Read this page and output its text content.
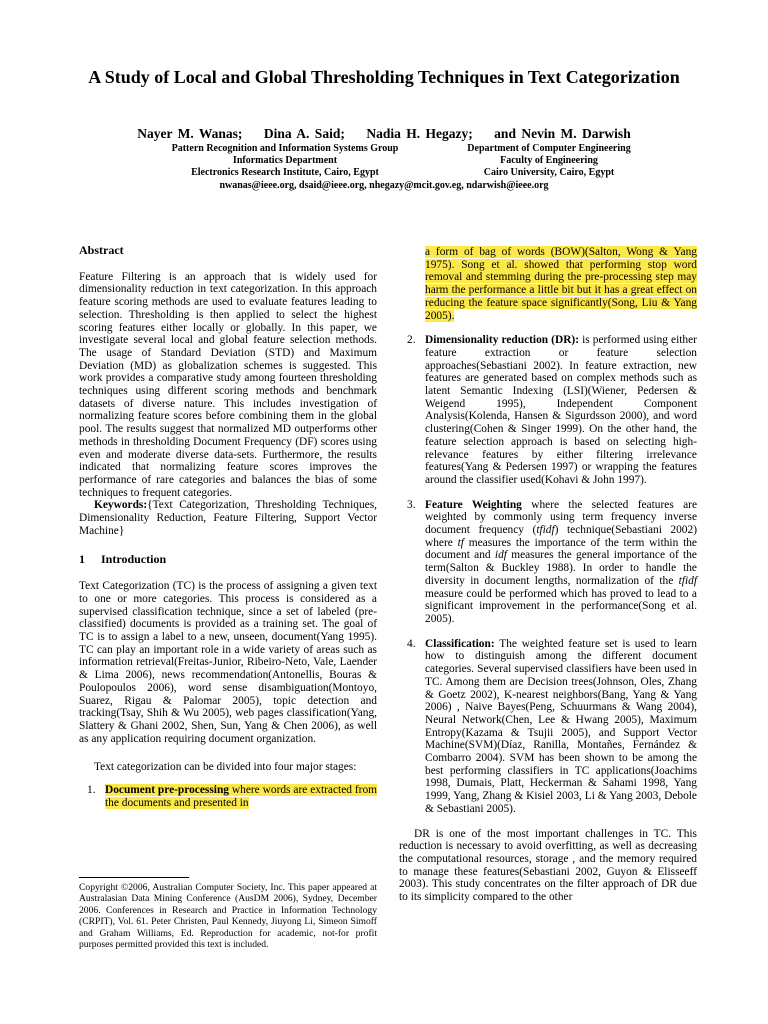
A Study of Local and Global Thresholding Techniques in Text Categorization
Nayer M. Wanas;    Dina A. Said;    Nadia H. Hegazy;    and Nevin M. Darwish
Pattern Recognition and Information Systems Group
Informatics Department
Electronics Research Institute, Cairo, Egypt
Department of Computer Engineering
Faculty of Engineering
Cairo University, Cairo, Egypt
nwanas@ieee.org, dsaid@ieee.org, nhegazy@mcit.gov.eg, ndarwish@ieee.org
Abstract

Feature Filtering is an approach that is widely used for dimensionality reduction in text categorization. In this approach feature scoring methods are used to evaluate features leading to selection. Thresholding is then applied to select the highest scoring features either locally or globally. In this paper, we investigate several local and global feature selection methods. The usage of Standard Deviation (STD) and Maximum Deviation (MD) as globalization schemes is suggested. This work provides a comparative study among fourteen thresholding techniques using different scoring methods and benchmark datasets of diverse nature. This includes investigation of normalizing feature scores before combining them in the global pool. The results suggest that normalized MD outperforms other methods in thresholding Document Frequency (DF) scores using even and moderate diverse data-sets. Furthermore, the results indicated that normalizing feature scores improves the performance of rare categories and balances the bias of some techniques to frequent categories.

Keywords:{Text Categorization, Thresholding Techniques, Dimensionality Reduction, Feature Filtering, Support Vector Machine}

1 Introduction

Text Categorization (TC) is the process of assigning a given text to one or more categories. This process is considered as a supervised classification technique, since a set of labeled (pre-classified) documents is provided as a training set. The goal of TC is to assign a label to a new, unseen, document(Yang 1995). TC can play an important role in a wide variety of areas such as information retrieval(Freitas-Junior, Ribeiro-Neto, Vale, Laender & Lima 2006), news recommendation(Antonellis, Bouras & Poulopoulos 2006), word sense disambiguation(Montoyo, Suarez, Rigau & Palomar 2005), topic detection and tracking(Tsay, Shih & Wu 2005), web pages classification(Yang, Slattery & Ghani 2002, Shen, Sun, Yang & Chen 2006), as well as any application requiring document organization.

Text categorization can be divided into four major stages:

1. Document pre-processing where words are extracted from the documents and presented in
Copyright ©2006, Australian Computer Society, Inc. This paper appeared at Australasian Data Mining Conference (AusDM 2006), Sydney, December 2006. Conferences in Research and Practice in Information Technology (CRPIT), Vol. 61. Peter Christen, Paul Kennedy, Jiuyong Li, Simeon Simoff and Graham Williams, Ed. Reproduction for academic, not-for profit purposes permitted provided this text is included.
a form of bag of words (BOW)(Salton, Wong & Yang 1975). Song et al. showed that performing stop word removal and stemming during the pre-processing step may harm the performance a little bit but it has a great effect on reducing the feature space significantly(Song, Liu & Yang 2005).
2. Dimensionality reduction (DR): is performed using either feature extraction or feature selection approaches(Sebastiani 2002). In feature extraction, new features are generated based on complex methods such as latent Semantic Indexing (LSI)(Wiener, Pedersen & Weigend 1995), Independent Component Analysis(Kolenda, Hansen & Sigurdsson 2000), and word clustering(Cohen & Singer 1999). On the other hand, the feature selection approach is based on selecting high-relevance features by either filtering irrelevance features(Yang & Pedersen 1997) or wrapping the features around the classifier used(Kohavi & John 1997).
3. Feature Weighting where the selected features are weighted by commonly using term frequency inverse document frequency (tfidf) technique(Sebastiani 2002) where tf measures the importance of the term within the document and idf measures the general importance of the term(Salton & Buckley 1988). In order to handle the diversity in document lengths, normalization of the tfidf measure could be performed which has proved to lead to a significant improvement in the performance(Song et al. 2005).
4. Classification: The weighted feature set is used to learn how to distinguish among the different document categories. Several supervised classifiers have been used in TC. Among them are Decision trees(Johnson, Oles, Zhang & Goetz 2002), K-nearest neighbors(Bang, Yang & Yang 2006) , Naive Bayes(Peng, Schuurmans & Wang 2004), Neural Network(Chen, Lee & Hwang 2005), Maximum Entropy(Kazama & Tsujii 2005), and Support Vector Machine(SVM)(Díaz, Ranilla, Montañes, Fernández & Combarro 2004). SVM has been shown to be among the best performing classifiers in TC applications(Joachims 1998, Dumais, Platt, Heckerman & Sahami 1998, Yang 1999, Yang, Zhang & Kisiel 2003, Li & Yang 2003, Debole & Sebastiani 2005).

DR is one of the most important challenges in TC. This reduction is necessary to avoid overfitting, as well as decreasing the computational resources, storage , and the memory required to manage these features(Sebastiani 2002, Guyon & Elisseeff 2003). This study concentrates on the filter approach of DR due to its simplicity compared to the other
